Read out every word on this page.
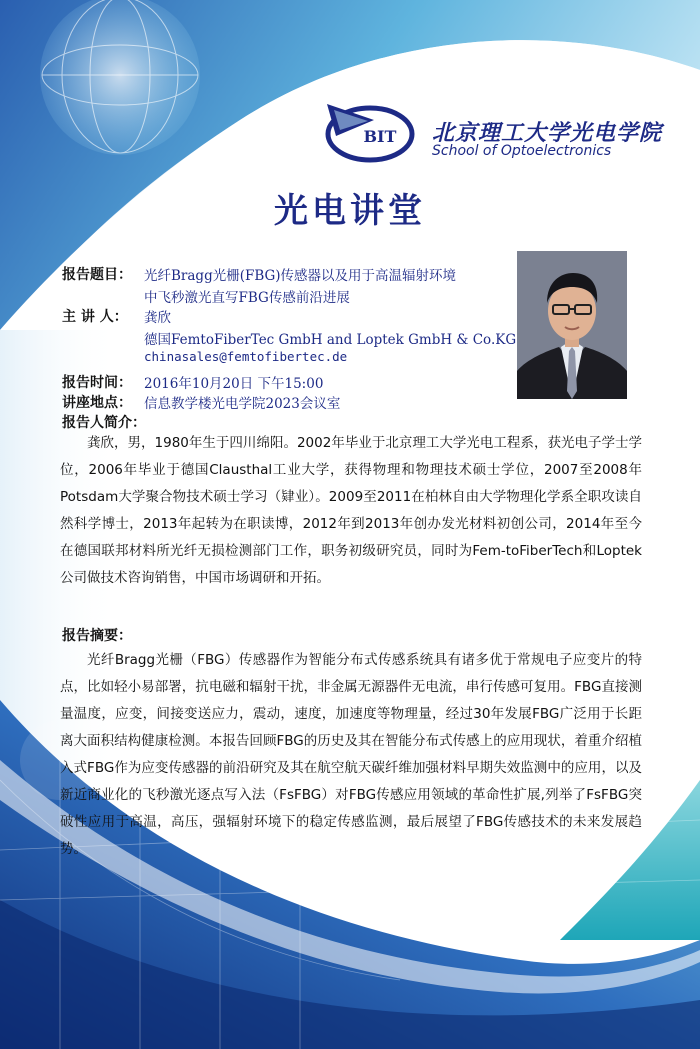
BIT 北京理工大学光电学院
School of Optoelectronics
光电讲堂
报告题目： 光纤Bragg光栅(FBG)传感器以及用于高温辐射环境
中飞秒激光直写FBG传感前沿进展
主 讲 人： 龚欣
德国FemtoFiberTec GmbH and Loptek GmbH & Co.KG
chinasales@femtofibertec.de
报告时间： 2016年10月20日 下午15:00
讲座地点： 信息教学楼光电学院2023会议室
报告人简介：

龚欣，男，1980年生于四川绵阳。2002年毕业于北京理工大学光电工程系，获光电子学士学位，2006年毕业于德国Clausthal工业大学，获得物理和物理技术硕士学位，2007至2008年Potsdam大学聚合物技术硕士学习（肄业）。2009至2011在柏林自由大学物理化学系全职攻读自然科学博士，2013年起转为在职读博，2012年到2013年创办发光材料初创公司，2014年至今在德国联邦材料所光纤无损检测部门工作，职务初级研究员，同时为Fem-toFiberTech和Loptek公司做技术咨询销售，中国市场调研和开拓。

报告摘要：

光纤Bragg光栅（FBG）传感器作为智能分布式传感系统具有诸多优于常规电子应变片的特点，比如轻小易部署，抗电磁和辐射干扰，非金属无源器件无电流，串行传感可复用。FBG直接测量温度，应变，间接变送应力，震动，速度，加速度等物理量，经过30年发展FBG广泛用于长距离大面积结构健康检测。本报告回顾FBG的历史及其在智能分布式传感上的应用现状，着重介绍植入式FBG作为应变传感器的前沿研究及其在航空航天碳纤维加强材料早期失效监测中的应用，以及新近商业化的飞秒激光逐点写入法（FsFBG）对FBG传感应用领域的革命性扩展,列举了FsFBG突破性应用于高温，高压，强辐射环境下的稳定传感监测，最后展望了FBG传感技术的未来发展趋势。
